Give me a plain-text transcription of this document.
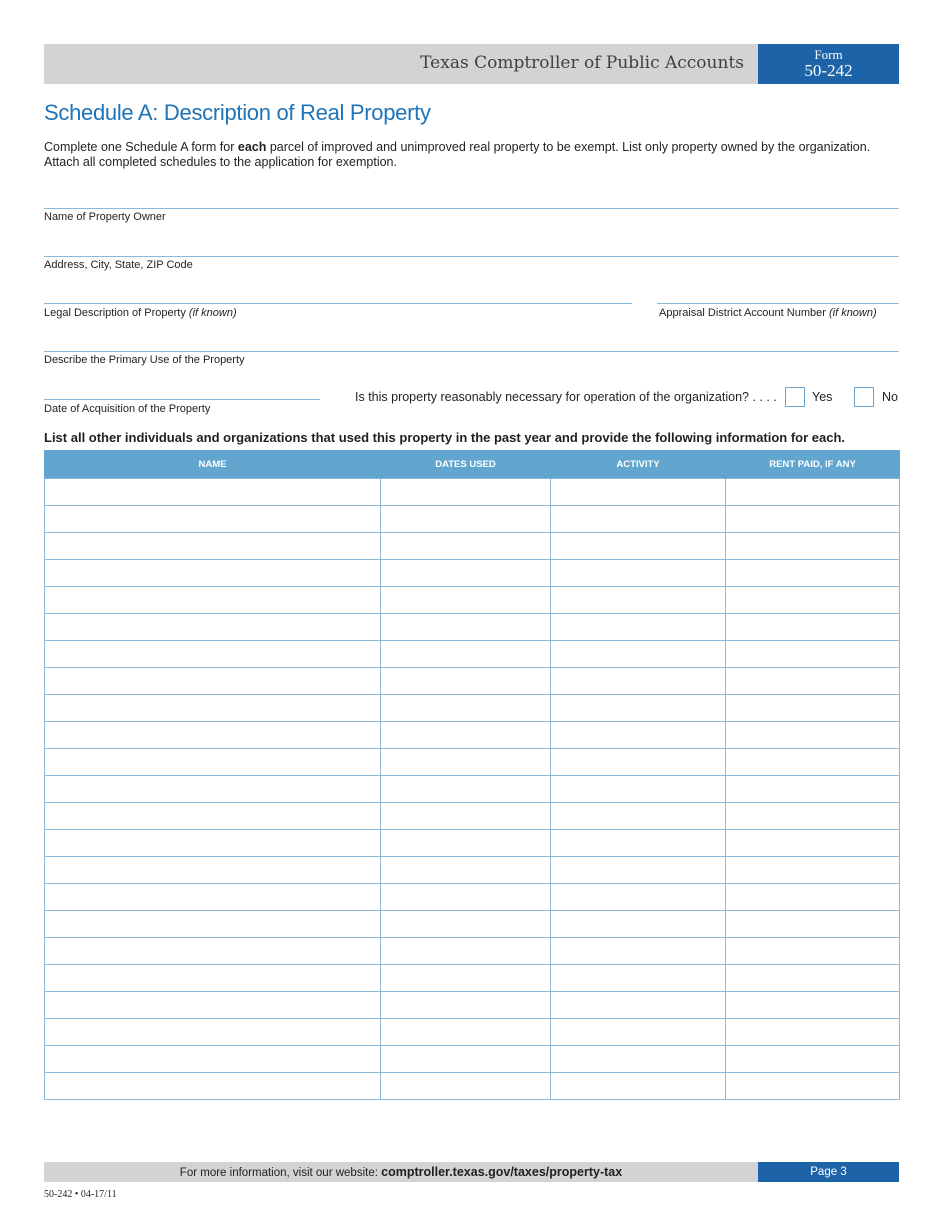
Texas Comptroller of Public Accounts	Form
50-242
Schedule A: Description of Real Property
Complete one Schedule A form for each parcel of improved and unimproved real property to be exempt. List only property owned by the organization. Attach all completed schedules to the application for exemption.
Name of Property Owner
Address, City, State, ZIP Code
Legal Description of Property (if known)	Appraisal District Account Number (if known)
Describe the Primary Use of the Property
Date of Acquisition of the Property
Is this property reasonably necessary for operation of the organization? . . . .	Yes	No

List all other individuals and organizations that used this property in the past year and provide the following information for each.

NAME	DATES USED	ACTIVITY	RENT PAID, IF ANY

For more information, visit our website: comptroller.texas.gov/taxes/property-tax	Page 3
50-242 • 04-17/11
